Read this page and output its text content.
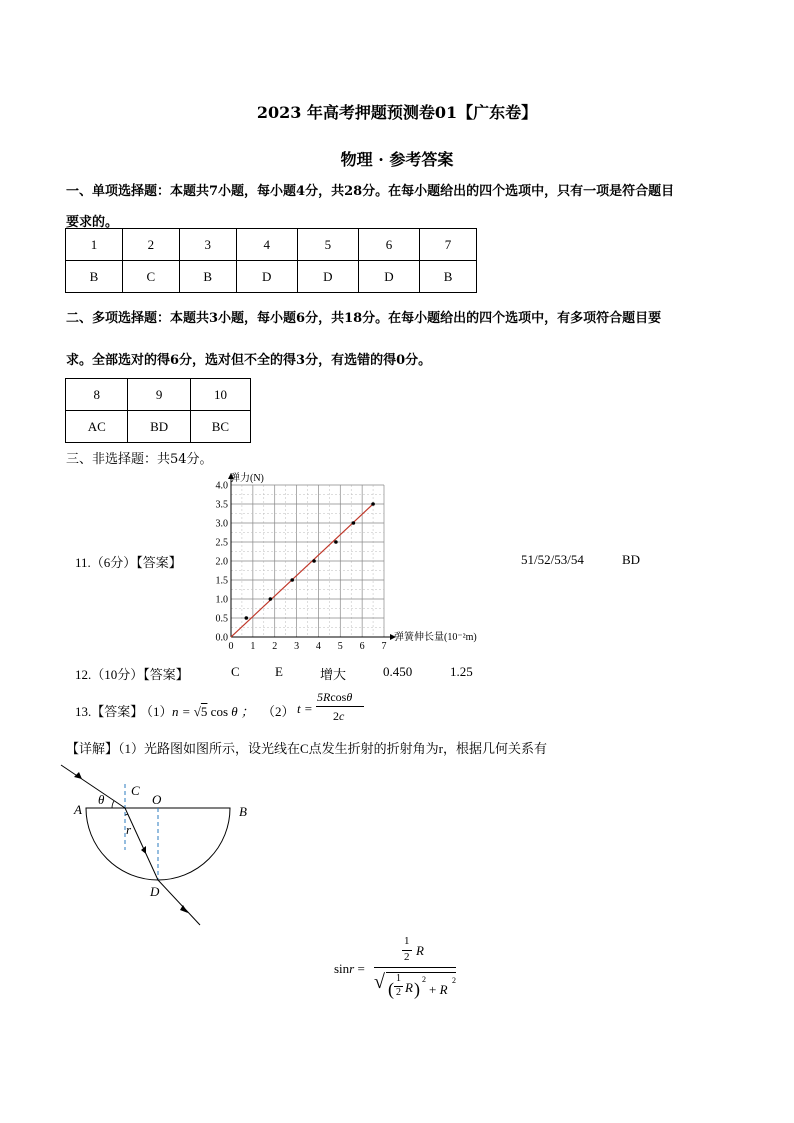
2023 年高考押题预测卷01【广东卷】
物理 · 参考答案
一、单项选择题：本题共7小题，每小题4分，共28分。在每小题给出的四个选项中，只有一项是符合题目
要求的。
1	2	3	4	5	6	7
B	C	B	D	D	D	B
二、多项选择题：本题共3小题，每小题6分，共18分。在每小题给出的四个选项中，有多项符合题目要
求。全部选对的得6分，选对但不全的得3分，有选错的得0分。
8	9	10
AC	BD	BC
三、非选择题：共54分。
11.（6分）【答案】	51/52/53/54	BD
0 1 2 3 4 5 6 7
0.0
0.5
1.0
1.5
2.0
2.5
3.0
3.5
4.0
弹力(N)
弹簧伸长量(10⁻²m)
12.（10分）【答案】	C	E	增大	0.450	1.25
13.【答案】
（1） n = √5 cos θ ； （2） t =
5Rcosθ
2c
【详解】（1）光路图如图所示，设光线在C点发生折射的折射角为r，根据几何关系有
A	B
C
O
D
θ
r
sinr =
1
2 R
√ (
1
2 R ) 2
+ R
2
